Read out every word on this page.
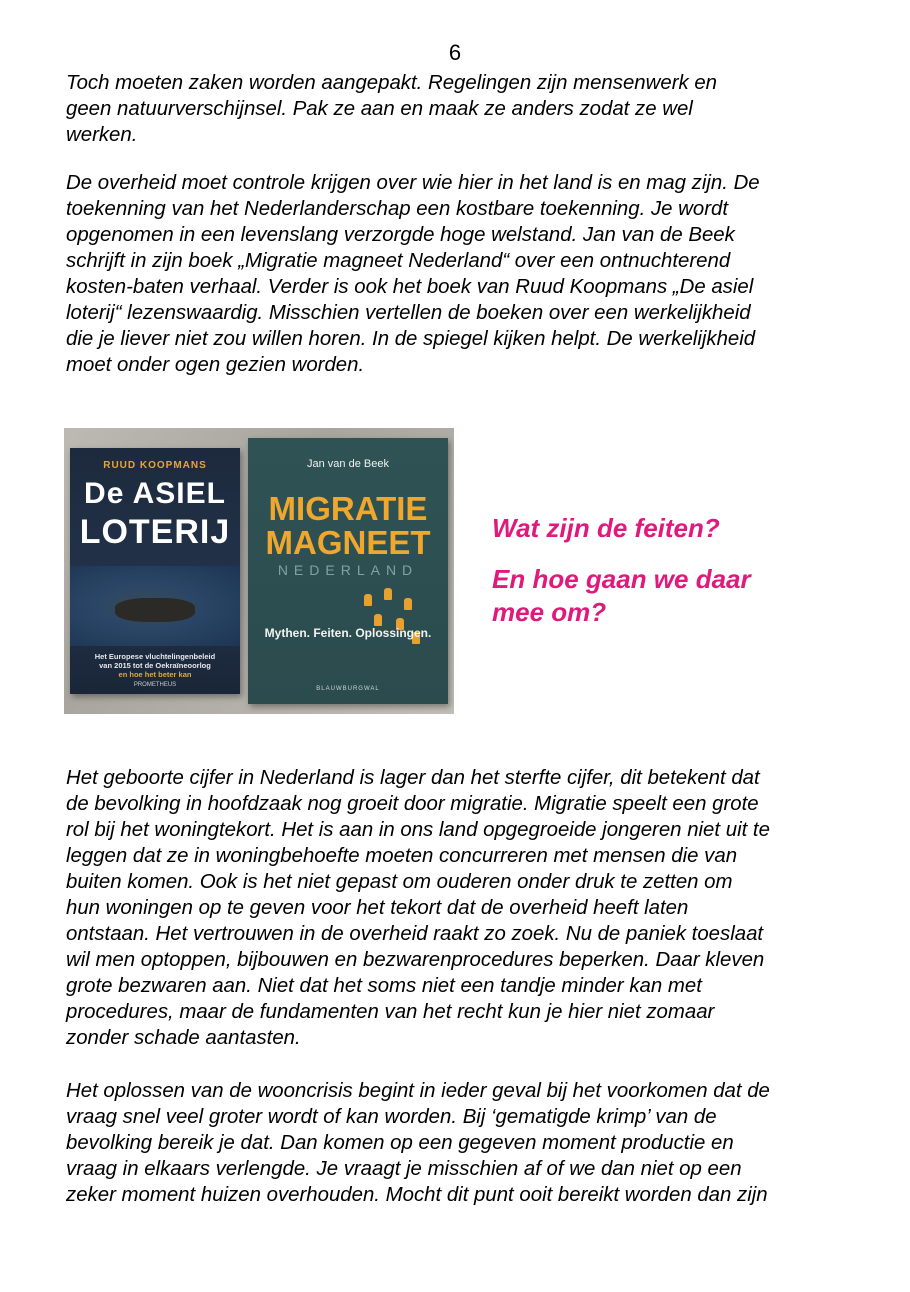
6

Toch moeten zaken worden aangepakt. Regelingen zijn mensenwerk en
geen natuurverschijnsel. Pak ze aan en maak ze anders zodat ze wel
werken.

De overheid moet controle krijgen over wie hier in het land is en mag zijn. De
toekenning van het Nederlanderschap een kostbare toekenning. Je wordt
opgenomen in een levenslang verzorgde hoge welstand. Jan van de Beek
schrijft in zijn boek „Migratie magneet Nederland“ over een ontnuchterend
kosten-baten verhaal. Verder is ook het boek van Ruud Koopmans „De asiel
loterij“ lezenswaardig. Misschien vertellen de boeken over een werkelijkheid
die je liever niet zou willen horen. In de spiegel kijken helpt. De werkelijkheid
moet onder ogen gezien worden.

RUUD KOOPMANS
De ASIEL
LOTERIJ
Het Europese vluchtelingenbeleid
van 2015 tot de Oekraïneoorlog
en hoe het beter kan
PROMETHEUS
Jan van de Beek
MIGRATIE
MAGNEET
NEDERLAND
Mythen. Feiten. Oplossingen.
BLAUWBURGWAL

Wat zijn de feiten?

En hoe gaan we daar
mee om?

Het geboorte cijfer in Nederland is lager dan het sterfte cijfer, dit betekent dat
de bevolking in hoofdzaak nog groeit door migratie. Migratie speelt een grote
rol bij het woningtekort. Het is aan in ons land opgegroeide jongeren niet uit te
leggen dat ze in woningbehoefte moeten concurreren met mensen die van
buiten komen. Ook is het niet gepast om ouderen onder druk te zetten om
hun woningen op te geven voor het tekort dat de overheid heeft laten
ontstaan. Het vertrouwen in de overheid raakt zo zoek. Nu de paniek toeslaat
wil men optoppen, bijbouwen en bezwarenprocedures beperken. Daar kleven
grote bezwaren aan. Niet dat het soms niet een tandje minder kan met
procedures, maar de fundamenten van het recht kun je hier niet zomaar
zonder schade aantasten.

Het oplossen van de wooncrisis begint in ieder geval bij het voorkomen dat de
vraag snel veel groter wordt of kan worden. Bij ‘gematigde krimp’ van de
bevolking bereik je dat. Dan komen op een gegeven moment productie en
vraag in elkaars verlengde. Je vraagt je misschien af of we dan niet op een
zeker moment huizen overhouden. Mocht dit punt ooit bereikt worden dan zijn
